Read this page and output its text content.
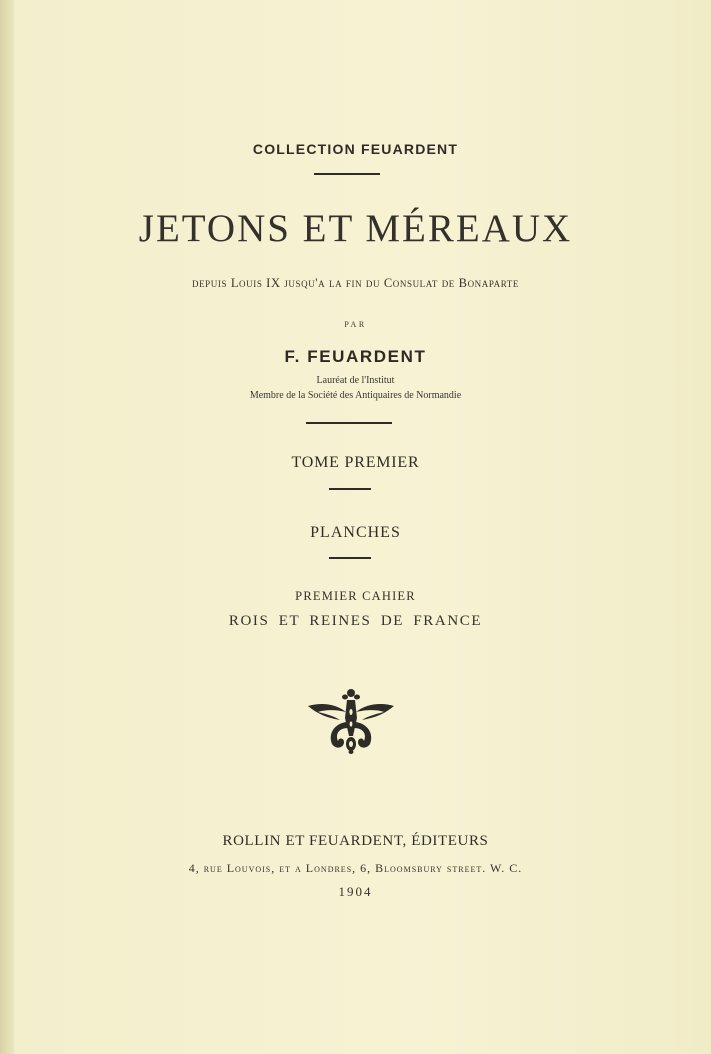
COLLECTION FEUARDENT
JETONS ET MÉREAUX
depuis Louis IX jusqu'a la fin du Consulat de Bonaparte
PAR
F. FEUARDENT
Lauréat de l'Institut
Membre de la Société des Antiquaires de Normandie
TOME PREMIER
PLANCHES
PREMIER CAHIER
ROIS ET REINES DE FRANCE
ROLLIN ET FEUARDENT, ÉDITEURS
4, rue Louvois, et a Londres, 6, Bloomsbury street. W. C.
1904
